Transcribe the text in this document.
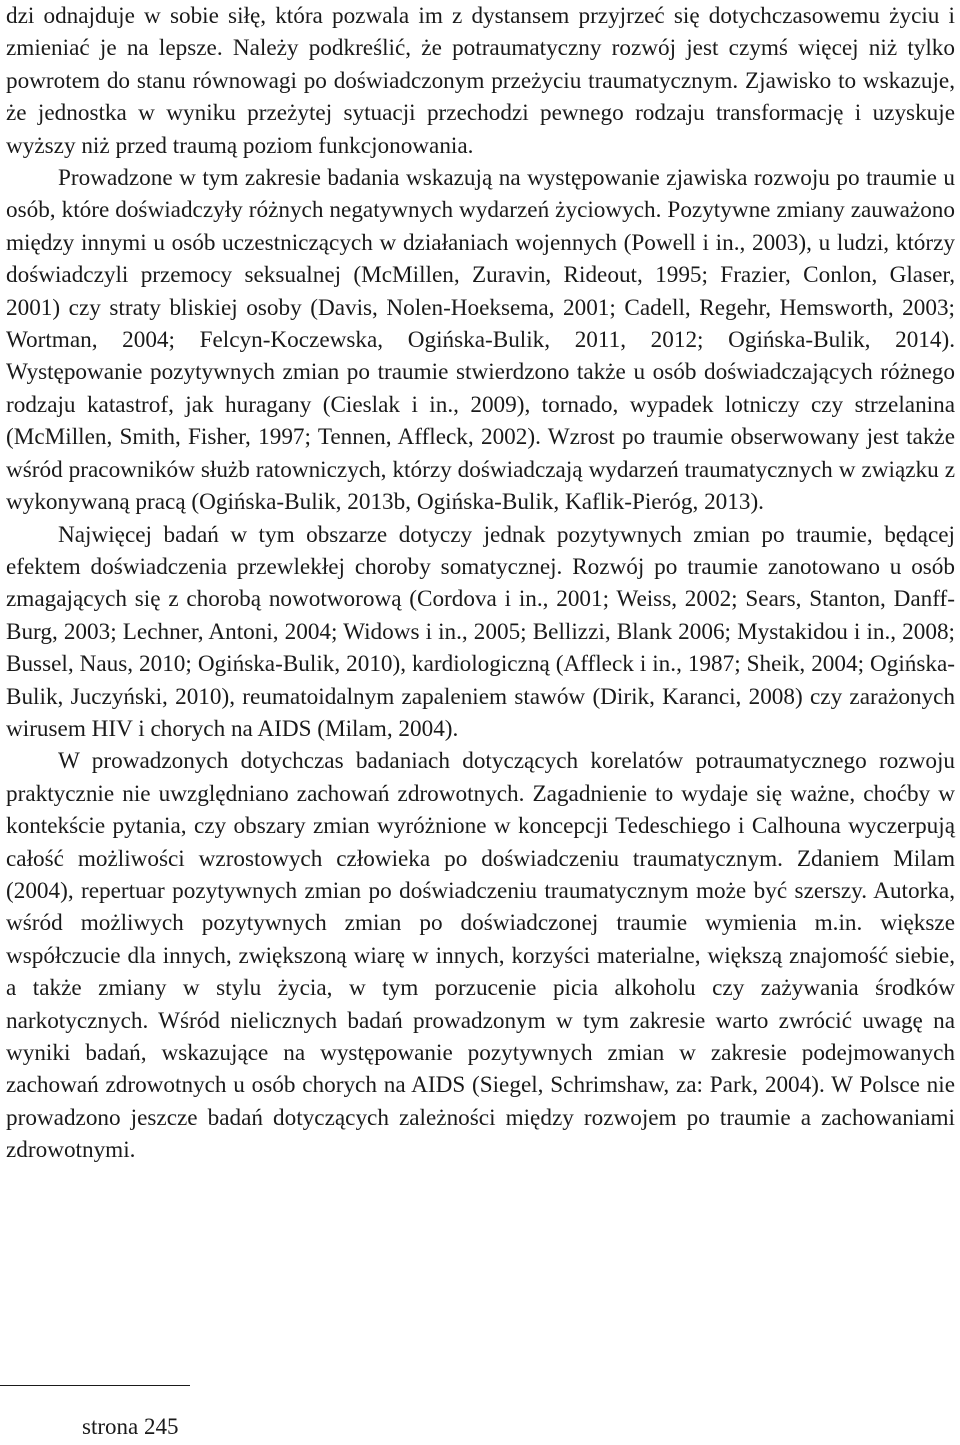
dzi odnajduje w sobie siłę, która pozwala im z dystansem przyjrzeć się dotychczasowemu życiu i zmieniać je na lepsze. Należy podkreślić, że potraumatyczny rozwój jest czymś więcej niż tylko powrotem do stanu równowagi po doświadczonym przeżyciu traumatycznym. Zjawisko to wskazuje, że jednostka w wyniku przeżytej sytuacji przechodzi pewnego rodzaju transformację i uzyskuje wyższy niż przed traumą poziom funkcjonowania.

Prowadzone w tym zakresie badania wskazują na występowanie zjawiska rozwoju po traumie u osób, które doświadczyły różnych negatywnych wydarzeń życiowych. Pozytywne zmiany zauważono między innymi u osób uczestniczących w działaniach wojennych (Powell i in., 2003), u ludzi, którzy doświadczyli przemocy seksualnej (McMillen, Zuravin, Rideout, 1995; Frazier, Conlon, Glaser, 2001) czy straty bliskiej osoby (Davis, Nolen-Hoeksema, 2001; Cadell, Regehr, Hemsworth, 2003; Wortman, 2004; Felcyn-Koczewska, Ogińska-Bulik, 2011, 2012; Ogińska-Bulik, 2014). Występowanie pozytywnych zmian po traumie stwierdzono także u osób doświadczających różnego rodzaju katastrof, jak huragany (Cieslak i in., 2009), tornado, wypadek lotniczy czy strzelanina (McMillen, Smith, Fisher, 1997; Tennen, Affleck, 2002). Wzrost po traumie obserwowany jest także wśród pracowników służb ratowniczych, którzy doświadczają wydarzeń traumatycznych w związku z wykonywaną pracą (Ogińska-Bulik, 2013b, Ogińska-Bulik, Kaflik-Pieróg, 2013).

Najwięcej badań w tym obszarze dotyczy jednak pozytywnych zmian po traumie, będącej efektem doświadczenia przewlekłej choroby somatycznej. Rozwój po traumie zanotowano u osób zmagających się z chorobą nowotworową (Cordova i in., 2001; Weiss, 2002; Sears, Stanton, Danff-Burg, 2003; Lechner, Antoni, 2004; Widows i in., 2005; Bellizzi, Blank 2006; Mystakidou i in., 2008; Bussel, Naus, 2010; Ogińska-Bulik, 2010), kardiologiczną (Affleck i in., 1987; Sheik, 2004; Ogińska-Bulik, Juczyński, 2010), reumatoidalnym zapaleniem stawów (Dirik, Karanci, 2008) czy zarażonych wirusem HIV i chorych na AIDS (Milam, 2004).

W prowadzonych dotychczas badaniach dotyczących korelatów potraumatycznego rozwoju praktycznie nie uwzględniano zachowań zdrowotnych. Zagadnienie to wydaje się ważne, choćby w kontekście pytania, czy obszary zmian wyróżnione w koncepcji Tedeschiego i Calhouna wyczerpują całość możliwości wzrostowych człowieka po doświadczeniu traumatycznym. Zdaniem Milam (2004), repertuar pozytywnych zmian po doświadczeniu traumatycznym może być szerszy. Autorka, wśród możliwych pozytywnych zmian po doświadczonej traumie wymienia m.in. większe współczucie dla innych, zwiększoną wiarę w innych, korzyści materialne, większą znajomość siebie, a także zmiany w stylu życia, w tym porzucenie picia alkoholu czy zażywania środków narkotycznych. Wśród nielicznych badań prowadzonym w tym zakresie warto zwrócić uwagę na wyniki badań, wskazujące na występowanie pozytywnych zmian w zakresie podejmowanych zachowań zdrowotnych u osób chorych na AIDS (Siegel, Schrimshaw, za: Park, 2004). W Polsce nie prowadzono jeszcze badań dotyczących zależności między rozwojem po traumie a zachowaniami zdrowotnymi.

strona 245
